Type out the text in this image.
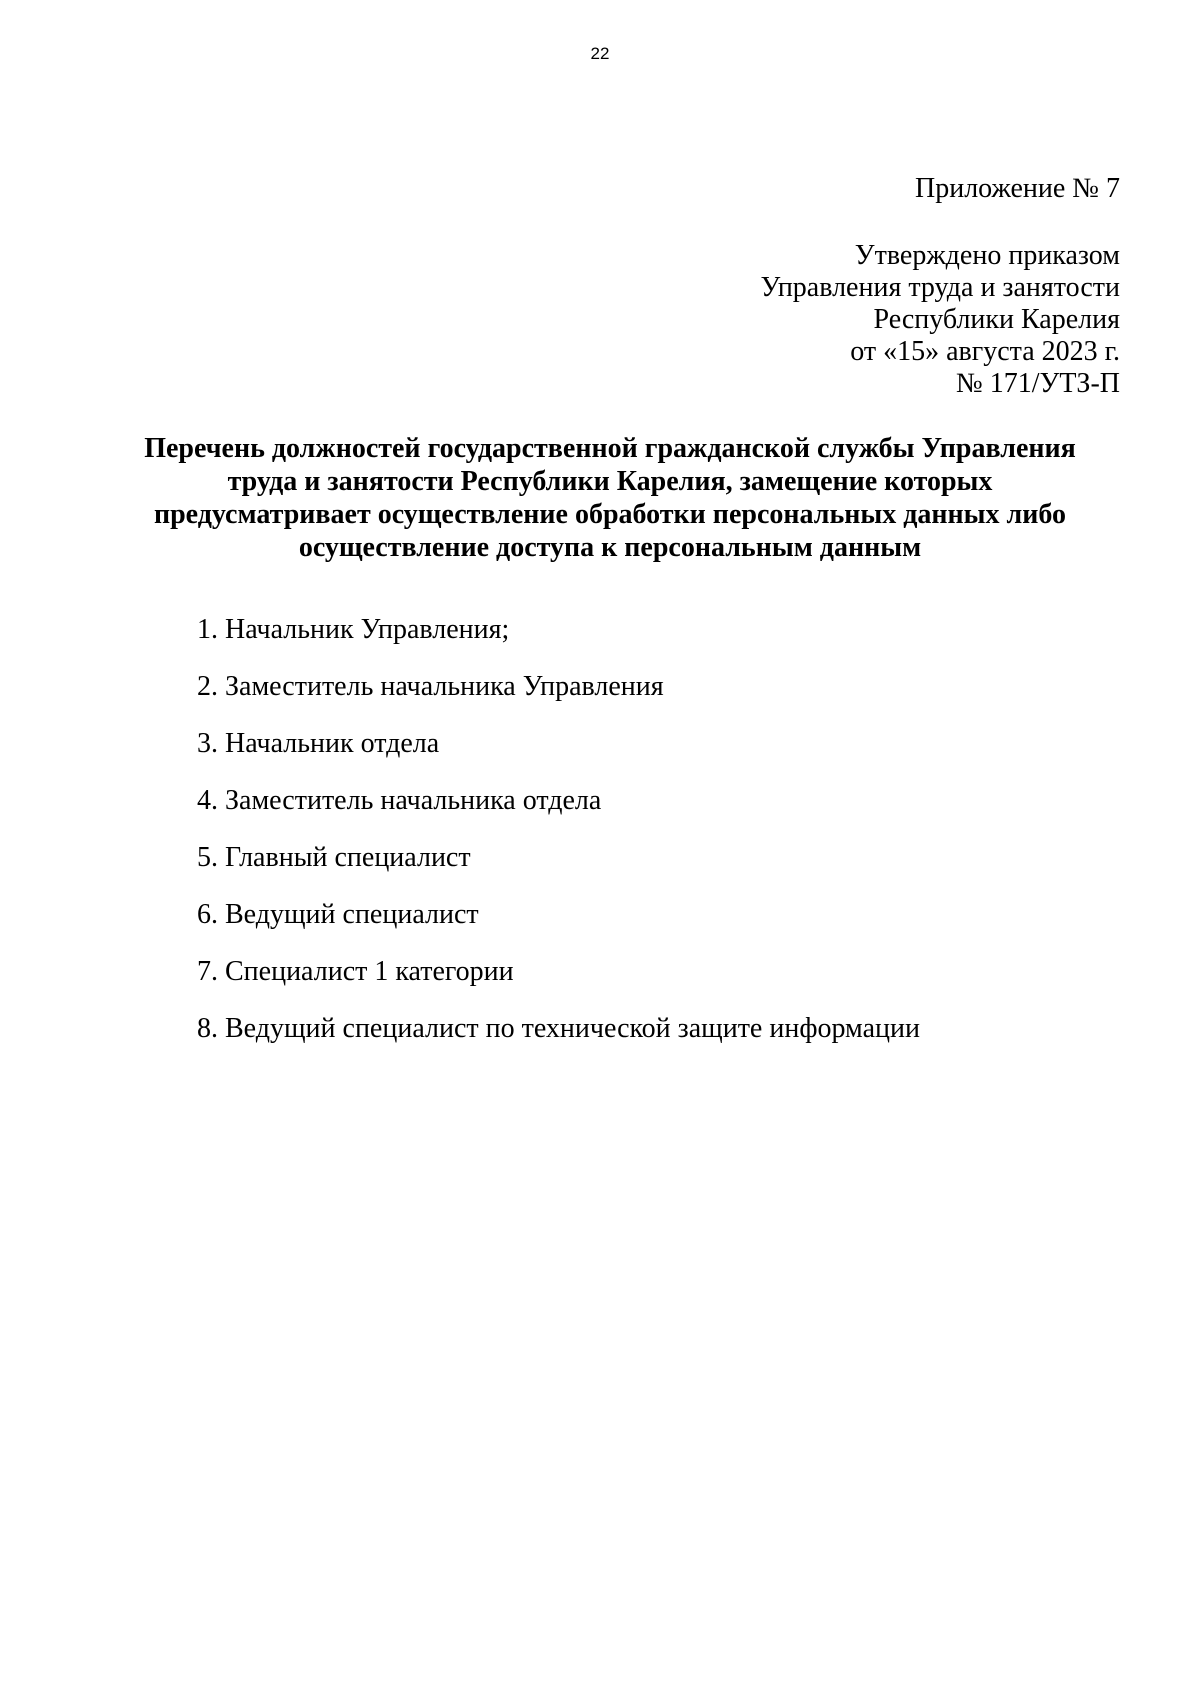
22
Приложение № 7
Утверждено приказом
Управления труда и занятости
Республики Карелия
от «15» августа 2023 г.
№ 171/УТЗ-П
Перечень должностей государственной гражданской службы Управления
труда и занятости Республики Карелия, замещение которых
предусматривает осуществление обработки персональных данных либо
осуществление доступа к персональным данным
1. Начальник Управления;
2. Заместитель начальника Управления
3. Начальник отдела
4. Заместитель начальника отдела
5. Главный специалист
6. Ведущий специалист
7. Специалист 1 категории
8. Ведущий специалист по технической защите информации
